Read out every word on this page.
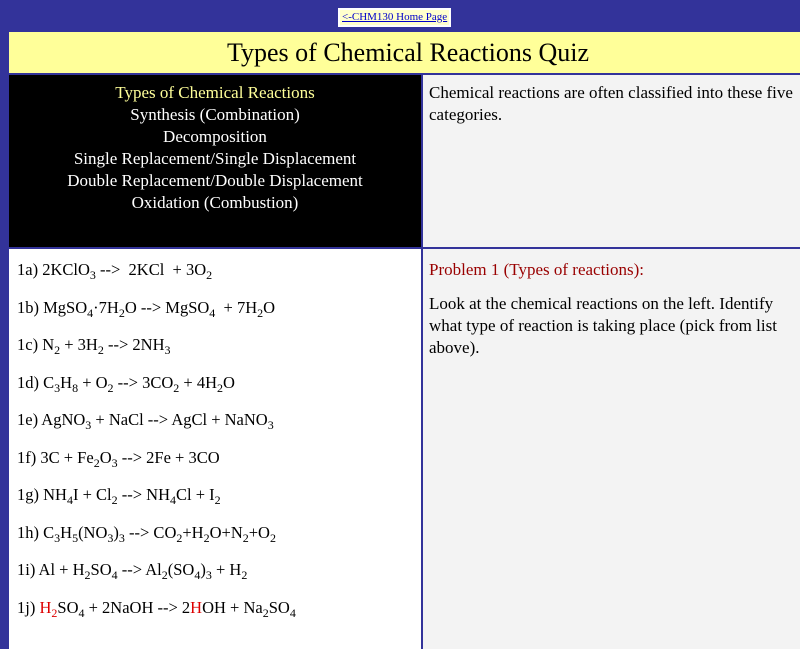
<-CHM130 Home Page
Types of Chemical Reactions Quiz
Types of Chemical Reactions
Synthesis (Combination)
Decomposition
Single Replacement/Single Displacement
Double Replacement/Double Displacement
Oxidation (Combustion)
Chemical reactions are often classified into these five categories.
1a) 2KClO$_3$ -->  $2KCl + 3O_2$
1b) $MgSO_4\cdot 7H_2O$ --> MgSO$_4$  + $7H_2O$
1c) $N_2 + 3H_2$ --> $2NH_3$
1d) $C_3H_8 + O_2$ --> $3CO_2 + 4H_2O$
1e) AgNO$_3$ + NaCl --> AgCl + NaNO$_3$
1f) $3C + Fe_2O_3$ --> 2Fe + 3CO
1g) $NH_4I + Cl_2$ --> $NH_4Cl + I_2$
1h) $C_3H_5(NO_3)_3$ --> $CO_2+H_2O+N_2+O_2$
1i) $Al + H_2SO_4$ --> $Al_2(SO_4)_3 + H_2$
1j) $H_2SO_4$ + 2NaOH --> $2HOH + Na_2SO_4$
Problem 1 (Types of reactions):
Look at the chemical reactions on the left. Identify what type of reaction is taking place (pick from list above).
